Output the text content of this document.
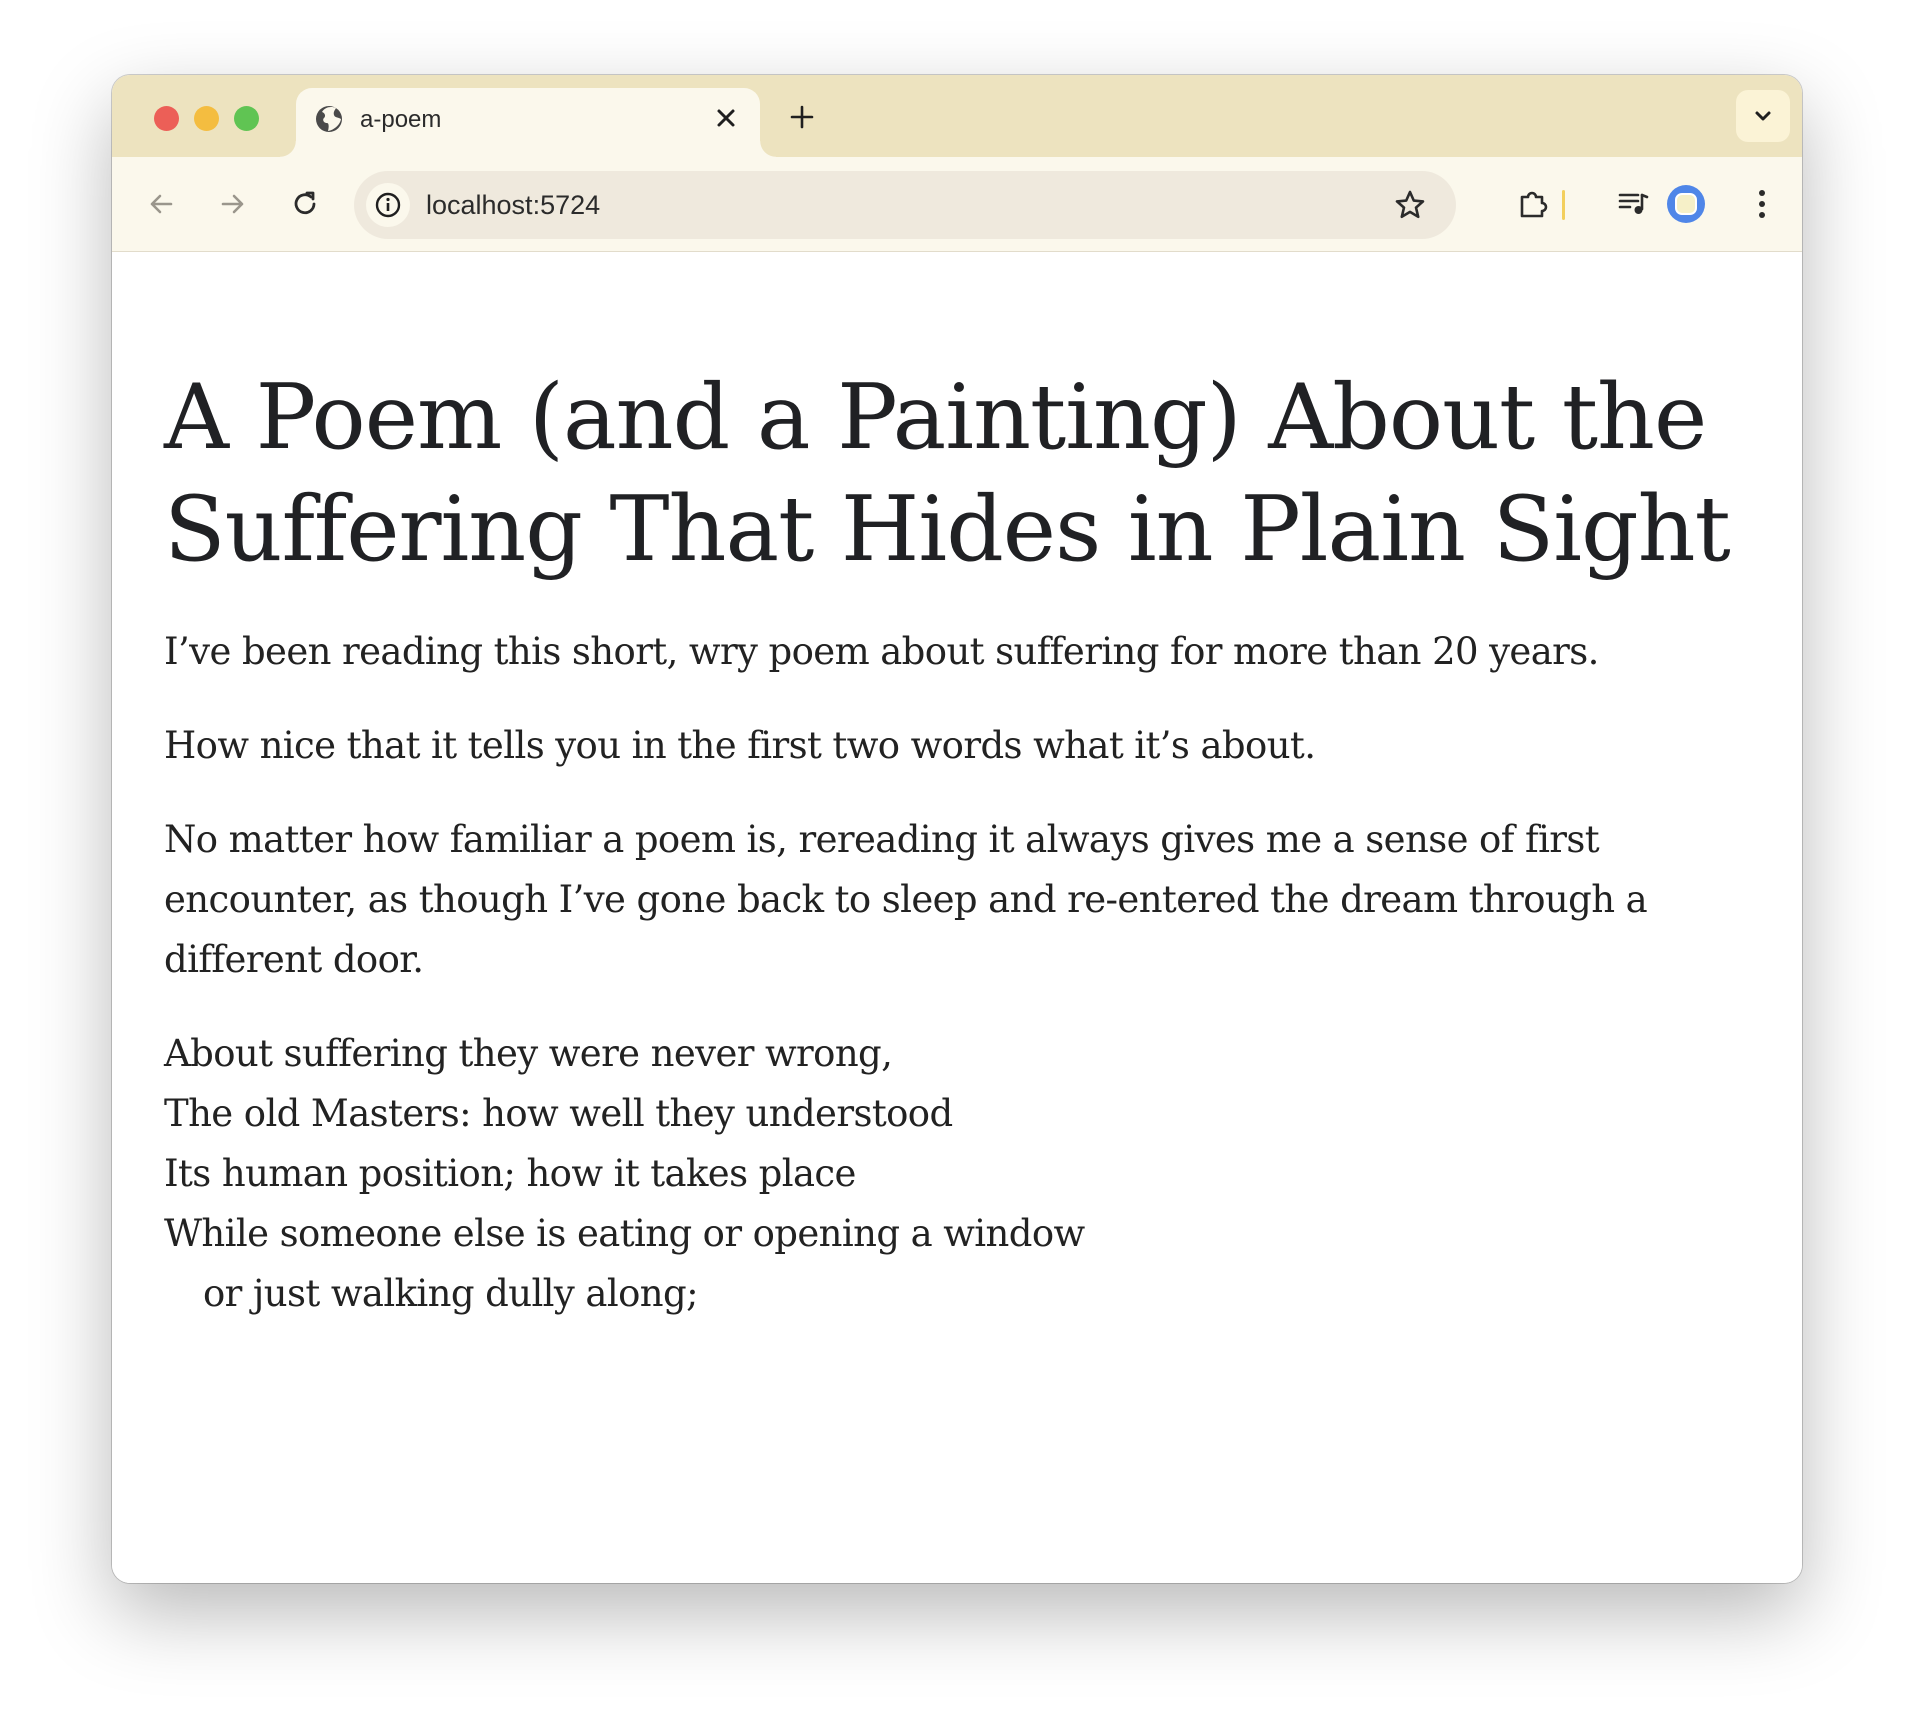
a-poem
localhost:5724
A Poem (and a Painting) About the Suffering That Hides in Plain Sight

I’ve been reading this short, wry poem about suffering for more than 20 years.

How nice that it tells you in the first two words what it’s about.

No matter how familiar a poem is, rereading it always gives me a sense of first encounter, as though I’ve gone back to sleep and re-entered the dream through a different door.

About suffering they were never wrong,
The old Masters: how well they understood
Its human position; how it takes place
While someone else is eating or opening a window
or just walking dully along;
